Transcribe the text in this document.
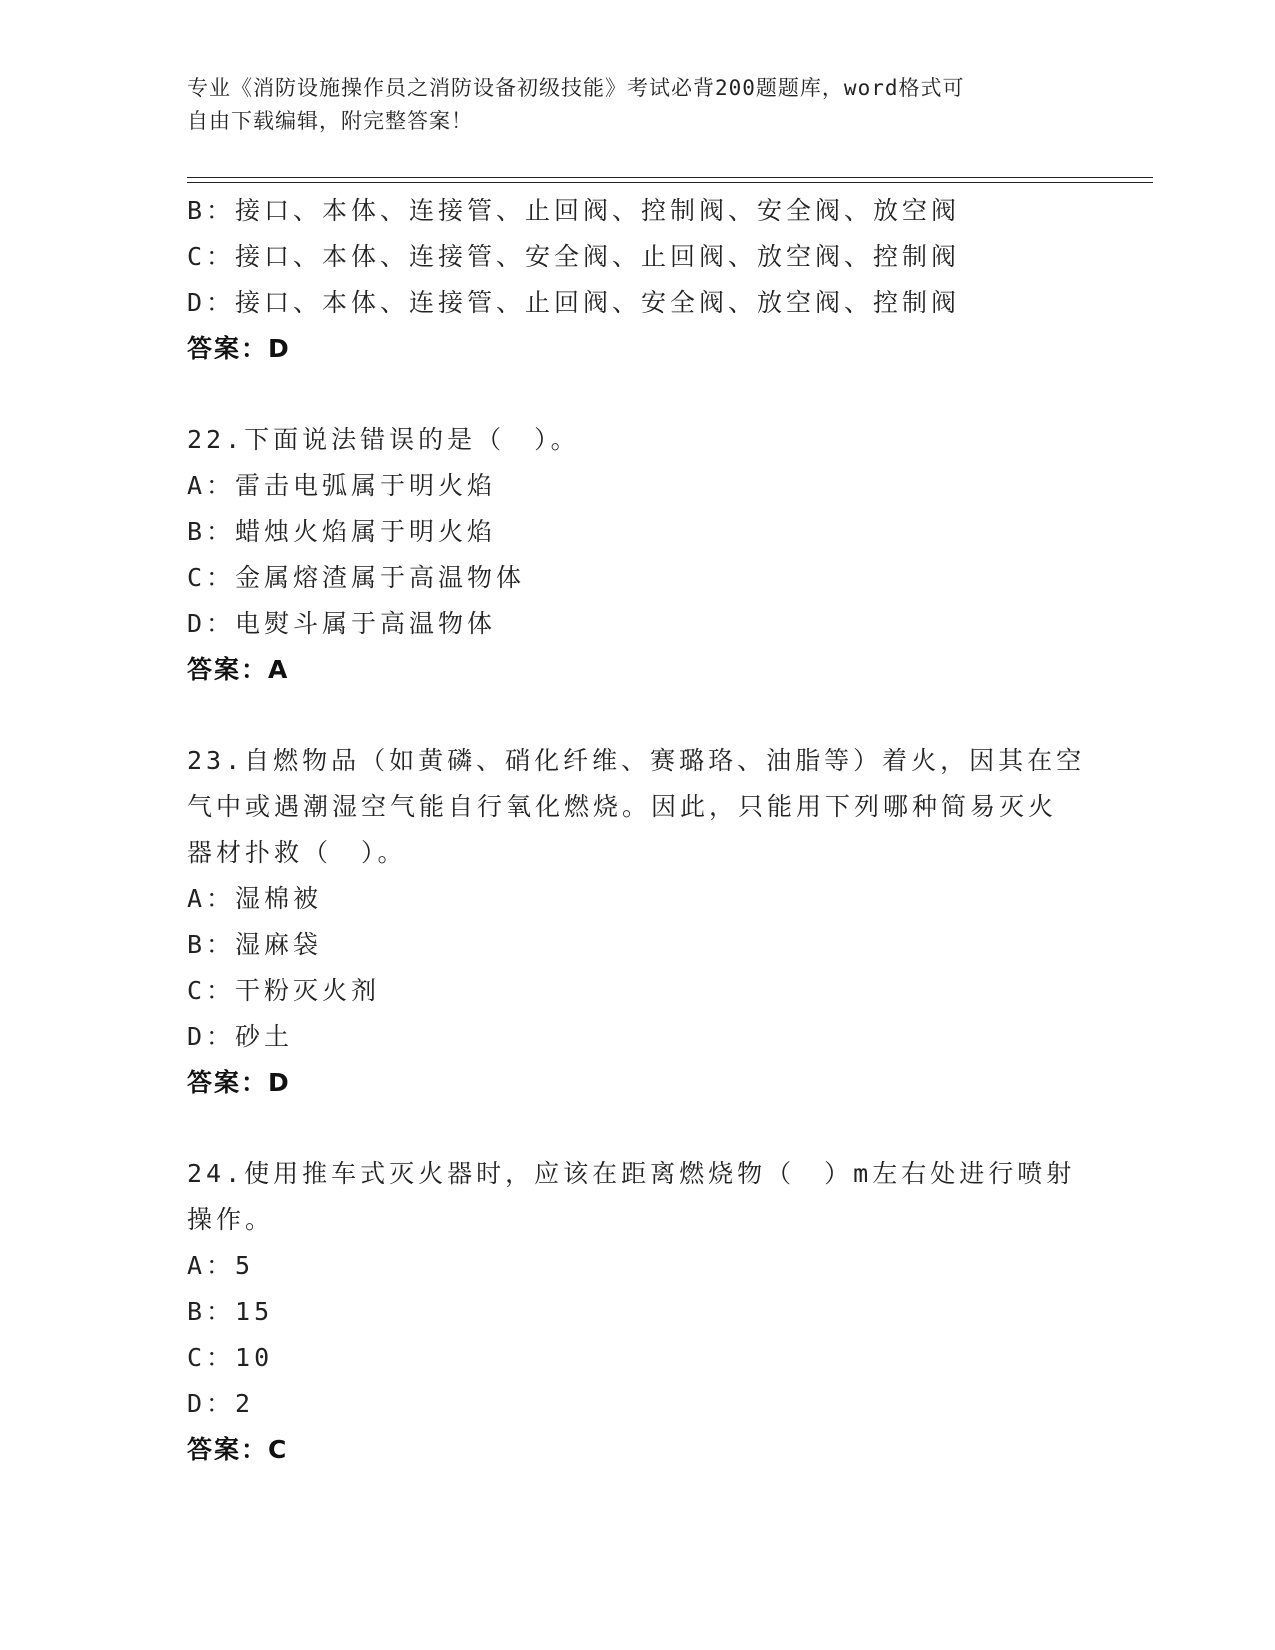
专业《消防设施操作员之消防设备初级技能》考试必背200题题库，word格式可

自由下载编辑，附完整答案！

B：接口、本体、连接管、止回阀、控制阀、安全阀、放空阀

C：接口、本体、连接管、安全阀、止回阀、放空阀、控制阀

D：接口、本体、连接管、止回阀、安全阀、放空阀、控制阀

答案：D

22.下面说法错误的是（　）。

A：雷击电弧属于明火焰

B：蜡烛火焰属于明火焰

C：金属熔渣属于高温物体

D：电熨斗属于高温物体

答案：A

23.自燃物品（如黄磷、硝化纤维、赛璐珞、油脂等）着火，因其在空

气中或遇潮湿空气能自行氧化燃烧。因此，只能用下列哪种简易灭火

器材扑救（　）。

A：湿棉被

B：湿麻袋

C：干粉灭火剂

D：砂土

答案：D

24.使用推车式灭火器时，应该在距离燃烧物（　）m左右处进行喷射

操作。

A：5

B：15

C：10

D：2

答案：C
